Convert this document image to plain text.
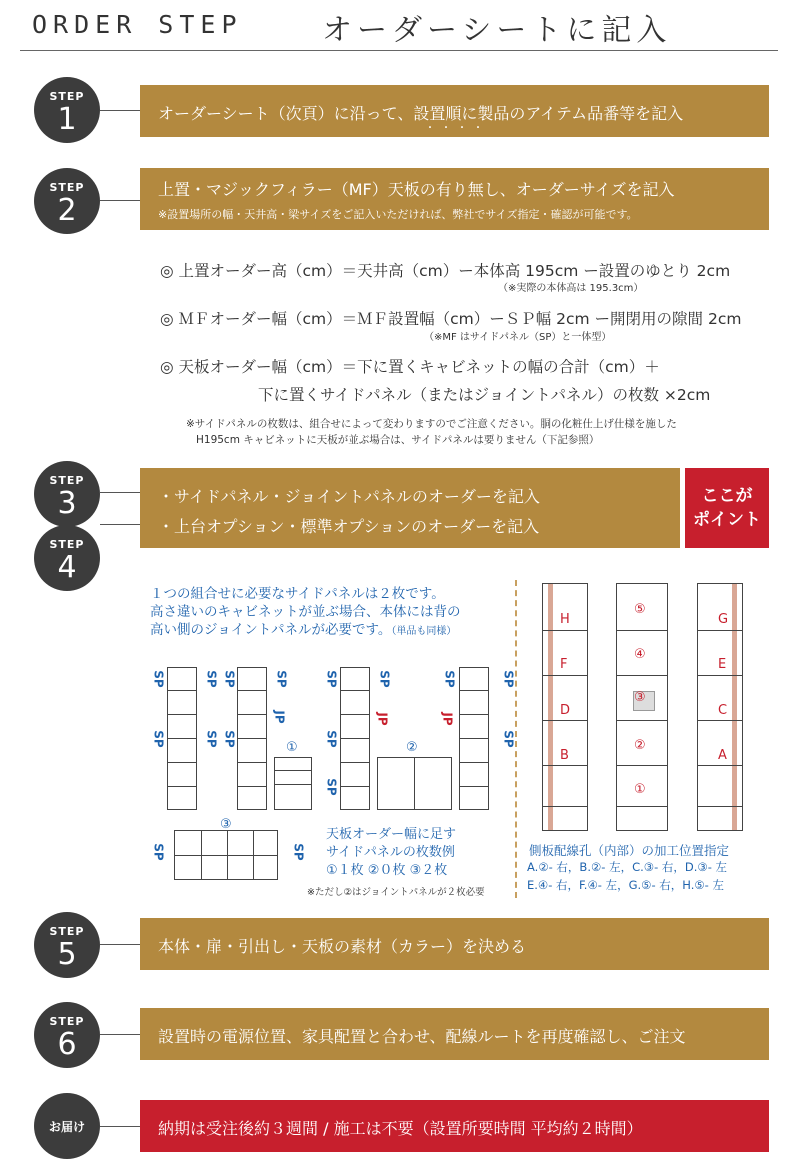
ORDER STEP	オーダーシートに記入
STEP
1	オーダーシート（次頁）に沿って、設置順に製品のアイテム品番等を記入
・・・・
STEP
2
上置・マジックフィラー（MF）天板の有り無し、オーダーサイズを記入
※設置場所の幅・天井高・梁サイズをご記入いただければ、弊社でサイズ指定・確認が可能です。
◎ 上置オーダー高（cm）＝天井高（cm）ー本体高 195cm ー設置のゆとり 2cm
（※実際の本体高は 195.3cm）
◎ ＭＦオーダー幅（cm）＝ＭＦ設置幅（cm）ーＳＰ幅 2cm ー開閉用の隙間 2cm
（※MF はサイドパネル（SP）と一体型）
◎ 天板オーダー幅（cm）＝下に置くキャビネットの幅の合計（cm）＋
下に置くサイドパネル（またはジョイントパネル）の枚数 ×2cm
※サイドパネルの枚数は、組合せによって変わりますのでご注意ください。胴の化粧仕上げ仕様を施した
H195cm キャビネットに天板が並ぶ場合は、サイドパネルは要りません（下記参照）
STEP
3
STEP
4
・サイドパネル・ジョイントパネルのオーダーを記入
・上台オプション・標準オプションのオーダーを記入
ここが
ポイント
１つの組合せに必要なサイドパネルは２枚です。
高さ違いのキャビネットが並ぶ場合、本体には背の
高い側のジョイントパネルが必要です。（単品も同様）
SP
SP
SP SP
SP SP
SP
JP
SP
SP
SP
SP
JP
SP
JP
SP
SP
SP	SP
①	②
③
天板オーダー幅に足す
サイドパネルの枚数例
①１枚 ②０枚 ③２枚
※ただし②はジョイントパネルが２枚必要
H
F
D
B
⑤
④
③
②
①
G
E
C
A
側板配線孔（内部）の加工位置指定
A.②- 右，B.②- 左，C.③- 右，D.③- 左
E.④- 右，F.④- 左，G.⑤- 右，H.⑤- 左
STEP
5	本体・扉・引出し・天板の素材（カラー）を決める
STEP
6	設置時の電源位置、家具配置と合わせ、配線ルートを再度確認し、ご注文
お届け	納期は受注後約３週間 / 施工は不要（設置所要時間 平均約２時間）
